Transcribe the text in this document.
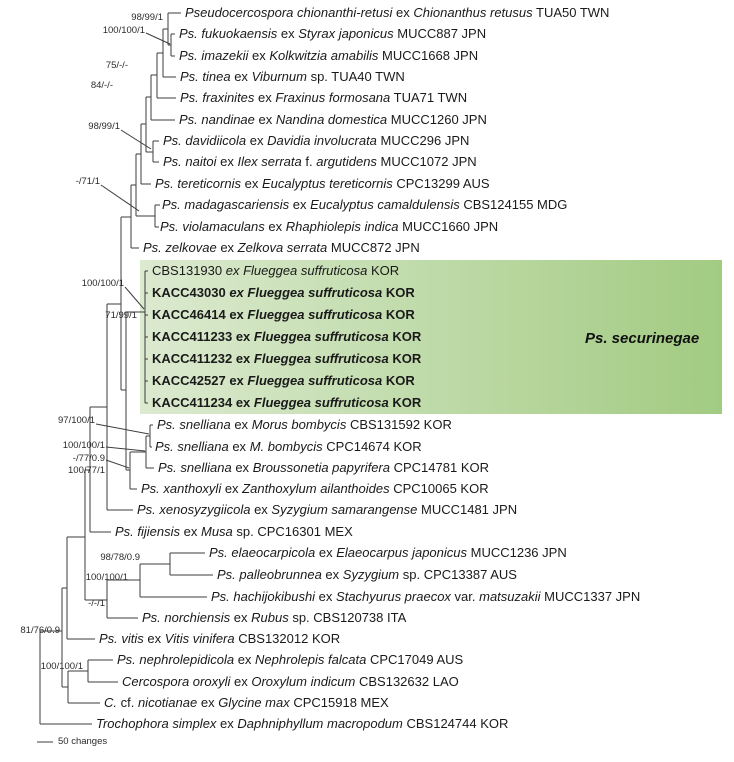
Pseudocercospora chionanthi-retusi ex Chionanthus retusus TUA50 TWN
Ps. fukuokaensis ex Styrax japonicus MUCC887 JPN
Ps. imazekii ex Kolkwitzia amabilis MUCC1668 JPN
Ps. tinea ex Viburnum sp. TUA40 TWN
Ps. fraxinites ex Fraxinus formosana TUA71 TWN
Ps. nandinae ex Nandina domestica MUCC1260 JPN
Ps. davidiicola ex Davidia involucrata MUCC296 JPN
Ps. naitoi ex Ilex serrata f. argutidens MUCC1072 JPN
Ps. tereticornis ex Eucalyptus tereticornis CPC13299 AUS
Ps. madagascariensis ex Eucalyptus camaldulensis CBS124155 MDG
Ps. violamaculans ex Rhaphiolepis indica MUCC1660 JPN
Ps. zelkovae ex Zelkova serrata MUCC872 JPN
CBS131930 ex Flueggea suffruticosa KOR
KACC43030 ex Flueggea suffruticosa KOR
KACC46414 ex Flueggea suffruticosa KOR
KACC411233 ex Flueggea suffruticosa KOR
KACC411232 ex Flueggea suffruticosa KOR
KACC42527 ex Flueggea suffruticosa KOR
KACC411234 ex Flueggea suffruticosa KOR
Ps. snelliana ex Morus bombycis CBS131592 KOR
Ps. snelliana ex M. bombycis CPC14674 KOR
Ps. snelliana ex Broussonetia papyrifera CPC14781 KOR
Ps. xanthoxyli ex Zanthoxylum ailanthoides CPC10065 KOR
Ps. xenosyzygiicola ex Syzygium samarangense MUCC1481 JPN
Ps. fijiensis ex Musa sp. CPC16301 MEX
Ps. elaeocarpicola ex Elaeocarpus japonicus MUCC1236 JPN
Ps. palleobrunnea ex Syzygium sp. CPC13387 AUS
Ps. hachijokibushi ex Stachyurus praecox var. matsuzakii MUCC1337 JPN
Ps. norchiensis ex Rubus sp. CBS120738 ITA
Ps. vitis ex Vitis vinifera CBS132012 KOR
Ps. nephrolepidicola ex Nephrolepis falcata CPC17049 AUS
Cercospora oroxyli ex Oroxylum indicum CBS132632 LAO
C. cf. nicotianae ex Glycine max CPC15918 MEX
Trochophora simplex ex Daphniphyllum macropodum CBS124744 KOR
98/99/1
100/100/1
75/-/-
84/-/-
98/99/1
-/71/1
100/100/1
71/99/1
97/100/1
100/100/1
-/77/0.9
100/77/1
98/78/0.9
100/100/1
-/-/1
81/76/0.9
100/100/1
Ps. securinegae
50 changes
